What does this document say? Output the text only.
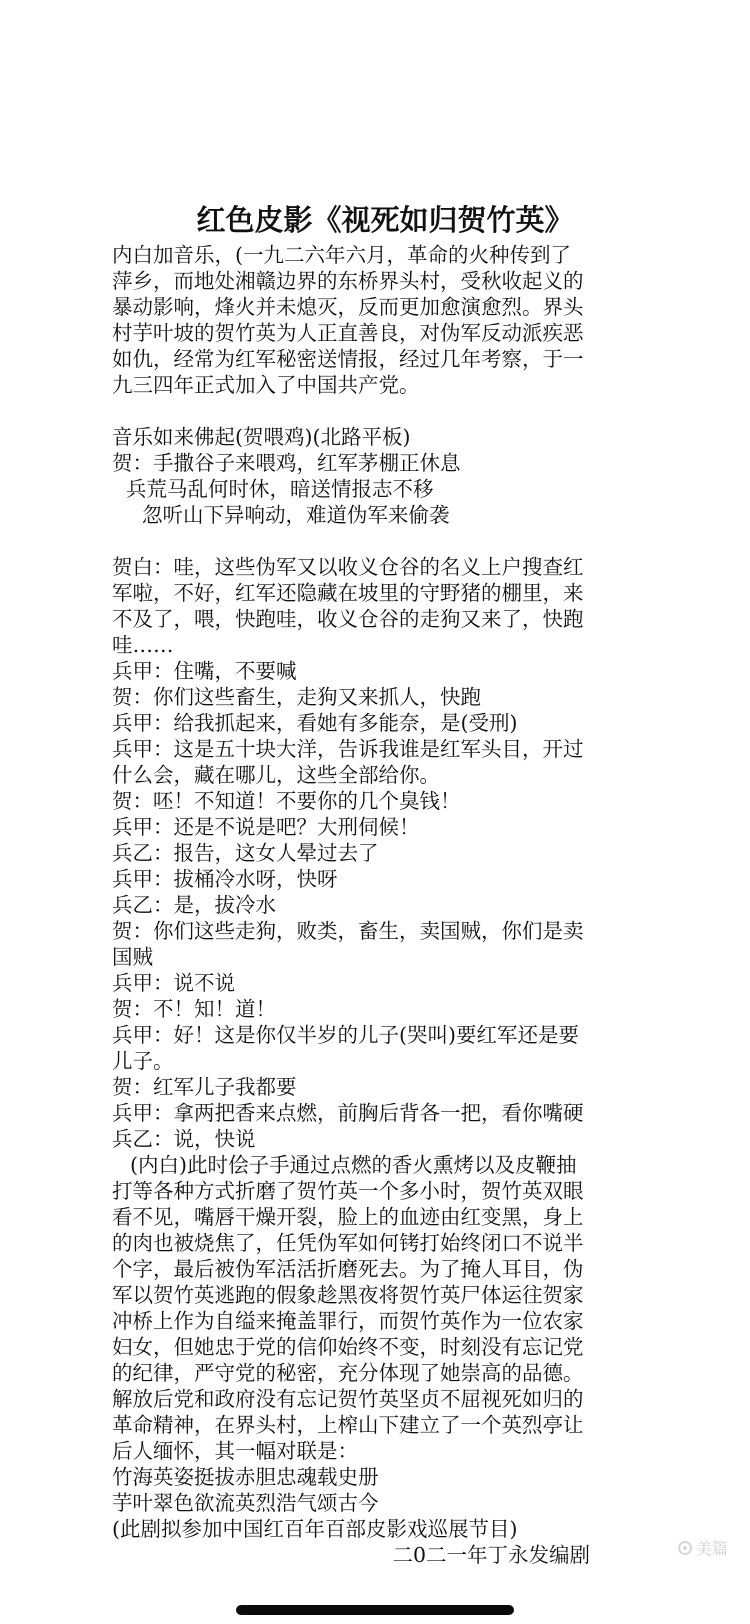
红色皮影《视死如归贺竹英》
内白加音乐，(一九二六年六月，革命的火种传到了
萍乡，而地处湘赣边界的东桥界头村，受秋收起义的
暴动影响，烽火并未熄灭，反而更加愈演愈烈。界头
村芋叶坡的贺竹英为人正直善良，对伪军反动派疾恶
如仇，经常为红军秘密送情报，经过几年考察，于一
九三四年正式加入了中国共产党。
音乐如来佛起(贺喂鸡)(北路平板)
贺：手撒谷子来喂鸡，红军茅棚正休息
兵荒马乱何时休，暗送情报志不移
忽听山下异响动，难道伪军来偷袭
贺白：哇，这些伪军又以收义仓谷的名义上户搜查红
军啦，不好，红军还隐藏在坡里的守野猪的棚里，来
不及了，喂，快跑哇，收义仓谷的走狗又来了，快跑
哇……
兵甲：住嘴，不要喊
贺：你们这些畜生，走狗又来抓人，快跑
兵甲：给我抓起来，看她有多能奈，是(受刑)
兵甲：这是五十块大洋，告诉我谁是红军头目，开过
什么会，藏在哪儿，这些全部给你。
贺：呸！不知道！不要你的几个臭钱！
兵甲：还是不说是吧？大刑伺候！
兵乙：报告，这女人晕过去了
兵甲：拔桶冷水呀，快呀
兵乙：是，拔冷水
贺：你们这些走狗，败类，畜生，卖国贼，你们是卖
国贼
兵甲：说不说
贺：不！知！道！
兵甲：好！这是你仅半岁的儿子(哭叫)要红军还是要
儿子。
贺：红军儿子我都要
兵甲：拿两把香来点燃，前胸后背各一把，看你嘴硬
兵乙：说，快说
(内白)此时侩子手通过点燃的香火熏烤以及皮鞭抽
打等各种方式折磨了贺竹英一个多小时，贺竹英双眼
看不见，嘴唇干燥开裂，脸上的血迹由红变黑，身上
的肉也被烧焦了，任凭伪军如何铐打始终闭口不说半
个字，最后被伪军活活折磨死去。为了掩人耳目，伪
军以贺竹英逃跑的假象趁黑夜将贺竹英尸体运往贺家
冲桥上作为自缢来掩盖罪行，而贺竹英作为一位农家
妇女，但她忠于党的信仰始终不变，时刻没有忘记党
的纪律，严守党的秘密，充分体现了她崇高的品德。
解放后党和政府没有忘记贺竹英坚贞不屈视死如归的
革命精神，在界头村，上榨山下建立了一个英烈亭让
后人缅怀，其一幅对联是：
竹海英姿挺拔赤胆忠魂载史册
芋叶翠色欲流英烈浩气颂古今
(此剧拟参加中国红百年百部皮影戏巡展节目)
二0二一年丁永发编剧	美篇
